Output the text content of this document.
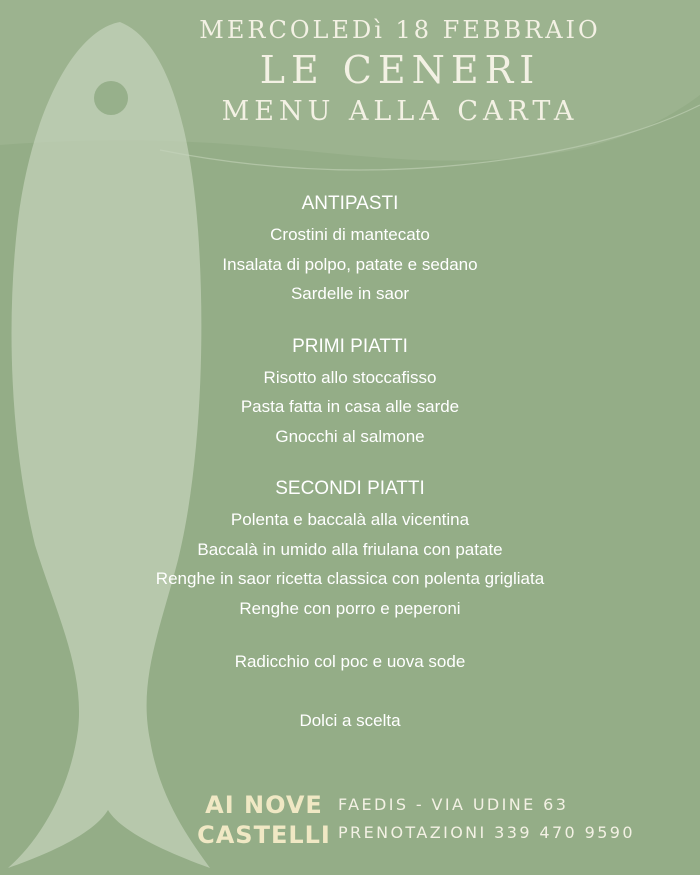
MERCOLEDì 18 FEBBRAIO
LE CENERI
MENU ALLA CARTA
ANTIPASTI
Crostini di mantecato
Insalata di polpo, patate e sedano
Sardelle in saor
PRIMI PIATTI
Risotto allo stoccafisso
Pasta fatta in casa alle sarde
Gnocchi al salmone
SECONDI PIATTI
Polenta e baccalà alla vicentina
Baccalà in umido alla friulana con patate
Renghe in saor ricetta classica con polenta grigliata
Renghe con porro e peperoni
Radicchio col poc e uova sode
Dolci a scelta
AI NOVE
CASTELLI
FAEDIS - VIA UDINE 63
PRENOTAZIONI 339 470 9590
